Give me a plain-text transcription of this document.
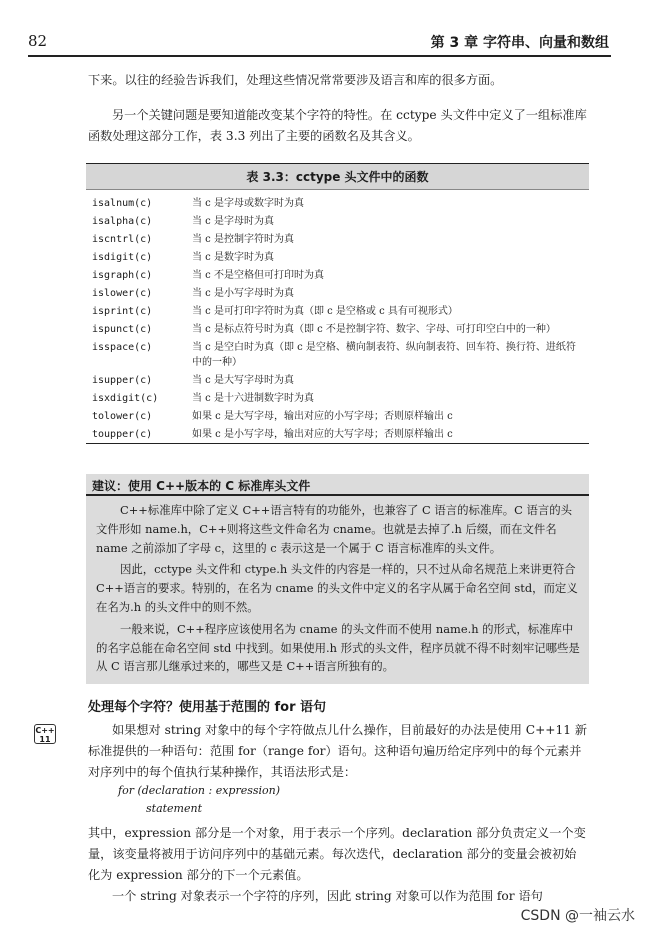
82	第 3 章 字符串、向量和数组

下来。以往的经验告诉我们，处理这些情况常常要涉及语言和库的很多方面。

另一个关键问题是要知道能改变某个字符的特性。在 cctype 头文件中定义了一组标准库函数处理这部分工作，表 3.3 列出了主要的函数名及其含义。

表 3.3：cctype 头文件中的函数
isalnum(c)	当 c 是字母或数字时为真
isalpha(c)	当 c 是字母时为真
iscntrl(c)	当 c 是控制字符时为真
isdigit(c)	当 c 是数字时为真
isgraph(c)	当 c 不是空格但可打印时为真
islower(c)	当 c 是小写字母时为真
isprint(c)	当 c 是可打印字符时为真（即 c 是空格或 c 具有可视形式）
ispunct(c)	当 c 是标点符号时为真（即 c 不是控制字符、数字、字母、可打印空白中的一种）
isspace(c)	当 c 是空白时为真（即 c 是空格、横向制表符、纵向制表符、回车符、换行符、进纸符中的一种）
isupper(c)	当 c 是大写字母时为真
isxdigit(c)	当 c 是十六进制数字时为真
tolower(c)	如果 c 是大写字母，输出对应的小写字母；否则原样输出 c
toupper(c)	如果 c 是小写字母，输出对应的大写字母；否则原样输出 c
建议：使用 C++版本的 C 标准库头文件

C++标准库中除了定义 C++语言特有的功能外，也兼容了 C 语言的标准库。C 语言的头文件形如 name.h，C++则将这些文件命名为 cname。也就是去掉了.h 后缀，而在文件名 name 之前添加了字母 c，这里的 c 表示这是一个属于 C 语言标准库的头文件。

因此，cctype 头文件和 ctype.h 头文件的内容是一样的，只不过从命名规范上来讲更符合 C++语言的要求。特别的，在名为 cname 的头文件中定义的名字从属于命名空间 std，而定义在名为.h 的头文件中的则不然。

一般来说，C++程序应该使用名为 cname 的头文件而不使用 name.h 的形式，标准库中的名字总能在命名空间 std 中找到。如果使用.h 形式的头文件，程序员就不得不时刻牢记哪些是从 C 语言那儿继承过来的，哪些又是 C++语言所独有的。

处理每个字符？使用基于范围的 for 语句
C++
11

如果想对 string 对象中的每个字符做点儿什么操作，目前最好的办法是使用 C++11 新标准提供的一种语句：范围 for（range for）语句。这种语句遍历给定序列中的每个元素并对序列中的每个值执行某种操作，其语法形式是：

for (declaration : expression)
statement

其中，expression 部分是一个对象，用于表示一个序列。declaration 部分负责定义一个变量，该变量将被用于访问序列中的基础元素。每次迭代，declaration 部分的变量会被初始化为 expression 部分的下一个元素值。

一个 string 对象表示一个字符的序列，因此 string 对象可以作为范围 for 语句

CSDN @一袖云水
